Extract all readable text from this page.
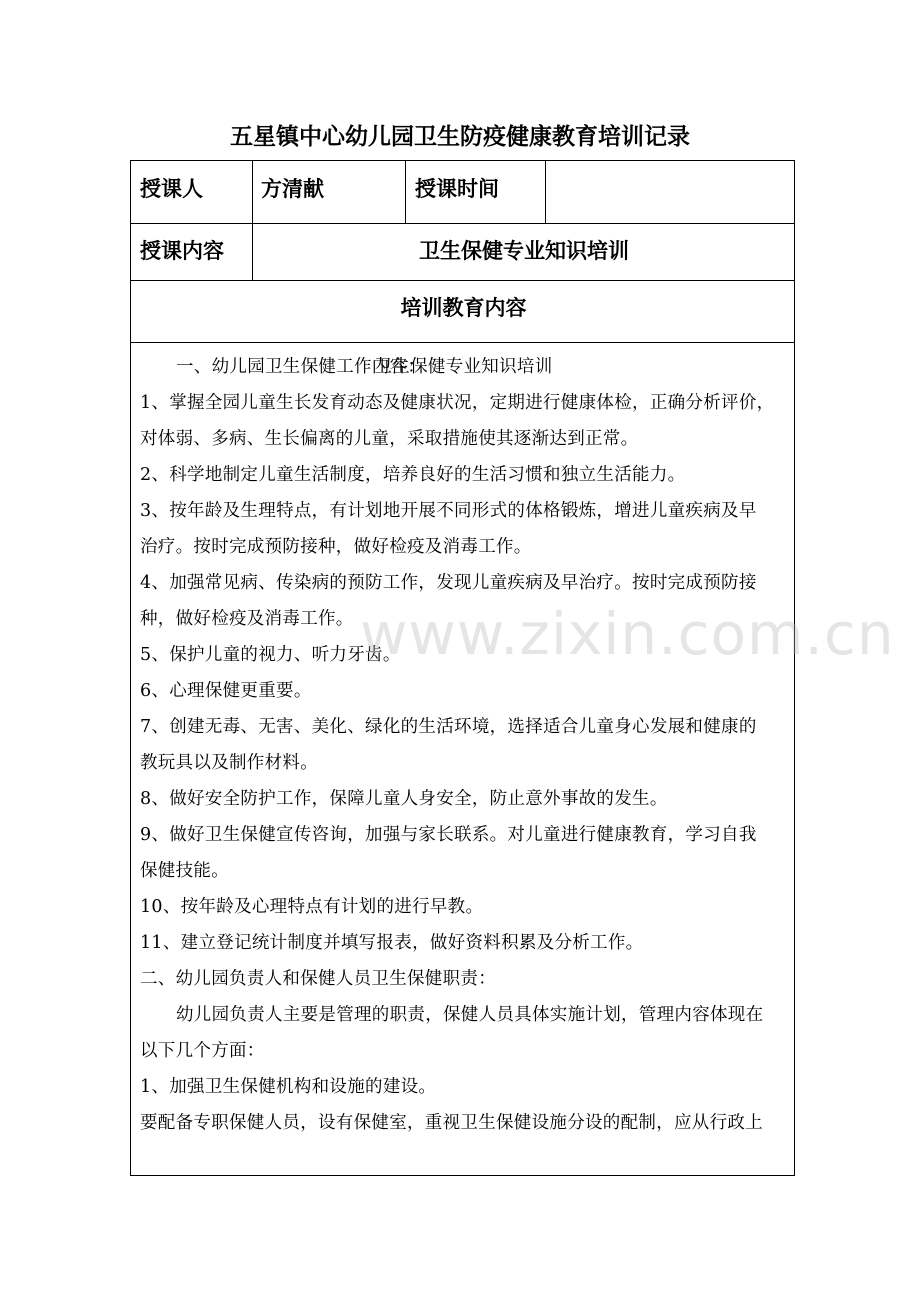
五星镇中心幼儿园卫生防疫健康教育培训记录
授课人	方清献	授课时间
授课内容	卫生保健专业知识培训
培训教育内容
卫生保健专业知识培训
一、幼儿园卫生保健工作内容：
1、掌握全园儿童生长发育动态及健康状况，定期进行健康体检，正确分析评价，
对体弱、多病、生长偏离的儿童，采取措施使其逐渐达到正常。
2、科学地制定儿童生活制度，培养良好的生活习惯和独立生活能力。
3、按年龄及生理特点，有计划地开展不同形式的体格锻炼，增进儿童疾病及早
治疗。按时完成预防接种，做好检疫及消毒工作。
4、加强常见病、传染病的预防工作，发现儿童疾病及早治疗。按时完成预防接
种，做好检疫及消毒工作。
5、保护儿童的视力、听力牙齿。
6、心理保健更重要。
7、创建无毒、无害、美化、绿化的生活环境，选择适合儿童身心发展和健康的
教玩具以及制作材料。
8、做好安全防护工作，保障儿童人身安全，防止意外事故的发生。
9、做好卫生保健宣传咨询，加强与家长联系。对儿童进行健康教育，学习自我
保健技能。
10、按年龄及心理特点有计划的进行早教。
11、建立登记统计制度并填写报表，做好资料积累及分析工作。
二、幼儿园负责人和保健人员卫生保健职责：
幼儿园负责人主要是管理的职责，保健人员具体实施计划，管理内容体现在
以下几个方面：
1、加强卫生保健机构和设施的建设。
要配备专职保健人员，设有保健室，重视卫生保健设施分设的配制，应从行政上
www.zixin.com.cn
